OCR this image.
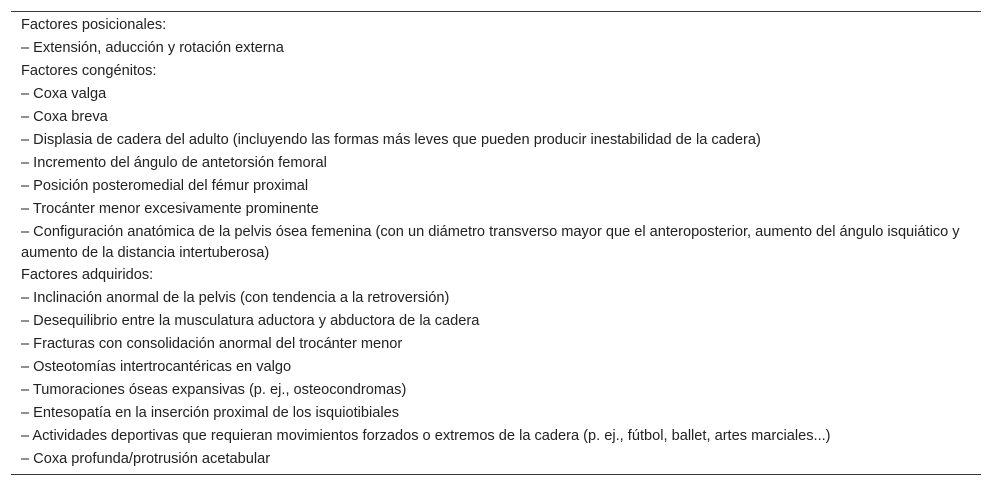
Factores posicionales:
– Extensión, aducción y rotación externa
Factores congénitos:
– Coxa valga
– Coxa breva
– Displasia de cadera del adulto (incluyendo las formas más leves que pueden producir inestabilidad de la cadera)
– Incremento del ángulo de antetorsión femoral
– Posición posteromedial del fémur proximal
– Trocánter menor excesivamente prominente
– Configuración anatómica de la pelvis ósea femenina (con un diámetro transverso mayor que el anteroposterior, aumento del ángulo isquiático y aumento de la distancia intertuberosa)
Factores adquiridos:
– Inclinación anormal de la pelvis (con tendencia a la retroversión)
– Desequilibrio entre la musculatura aductora y abductora de la cadera
– Fracturas con consolidación anormal del trocánter menor
– Osteotomías intertrocantéricas en valgo
– Tumoraciones óseas expansivas (p. ej., osteocondromas)
– Entesopatía en la inserción proximal de los isquiotibiales
– Actividades deportivas que requieran movimientos forzados o extremos de la cadera (p. ej., fútbol, ballet, artes marciales...)
– Coxa profunda/protrusión acetabular
